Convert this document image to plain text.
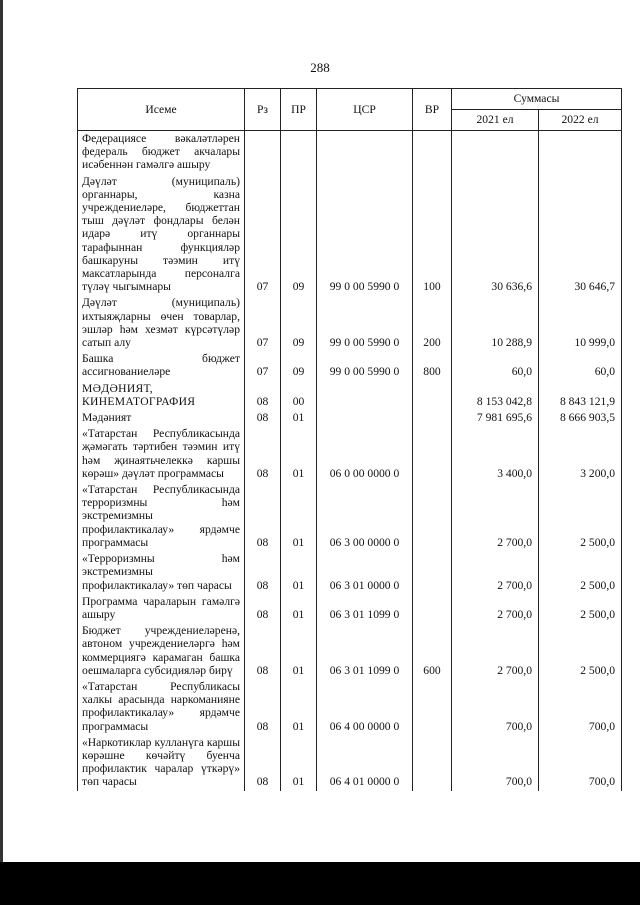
288
Исеме	Рз	ПР	ЦСР	ВР	Суммасы	
					2021 ел	2022 ел
Федерациясе вәкаләтләрен федераль бюджет акчалары исәбеннән гамәлгә ашыру						
Дәүләт (муниципаль) органнары, казна учреждениеләре, бюджеттан тыш дәүләт фондлары белән идарә итү органнары тарафыннан функцияләр башкаруны тәэмин итү максатларында персоналга түләү чыгымнары	07	09	99 0 00 5990 0	100	30 636,6	30 646,7
Дәүләт (муниципаль) ихтыяҗларны өчен товарлар, эшләр һәм хезмәт күрсәтүләр сатып алу	07	09	99 0 00 5990 0	200	10 288,9	10 999,0
Башка бюджет ассигнованиеләре	07	09	99 0 00 5990 0	800	60,0	60,0
МӘДӘНИЯТ, КИНЕМАТОГРАФИЯ	08	00			8 153 042,8	8 843 121,9
Мәдәният	08	01			7 981 695,6	8 666 903,5
«Татарстан Республикасында җәмәгать тәртибен тәэмин итү һәм җинаятьчелеккә каршы көрәш» дәүләт программасы	08	01	06 0 00 0000 0		3 400,0	3 200,0
«Татарстан Республикасында терроризмны һәм экстремизмны профилактикалау» ярдәмче программасы	08	01	06 3 00 0000 0		2 700,0	2 500,0
«Терроризмны һәм экстремизмны профилактикалау» төп чарасы	08	01	06 3 01 0000 0		2 700,0	2 500,0
Программа чараларын гамәлгә ашыру	08	01	06 3 01 1099 0		2 700,0	2 500,0
Бюджет учреждениеләренә, автоном учреждениеләргә һәм коммерциягә карамаган башка оешмаларга субсидияләр бирү	08	01	06 3 01 1099 0	600	2 700,0	2 500,0
«Татарстан Республикасы халкы арасында наркоманияне профилактикалау» ярдәмче программасы	08	01	06 4 00 0000 0		700,0	700,0
«Наркотиклар кулланүга каршы көрәшне көчәйтү буенча профилактик чаралар үткәрү» төп чарасы	08	01	06 4 01 0000 0		700,0	700,0
